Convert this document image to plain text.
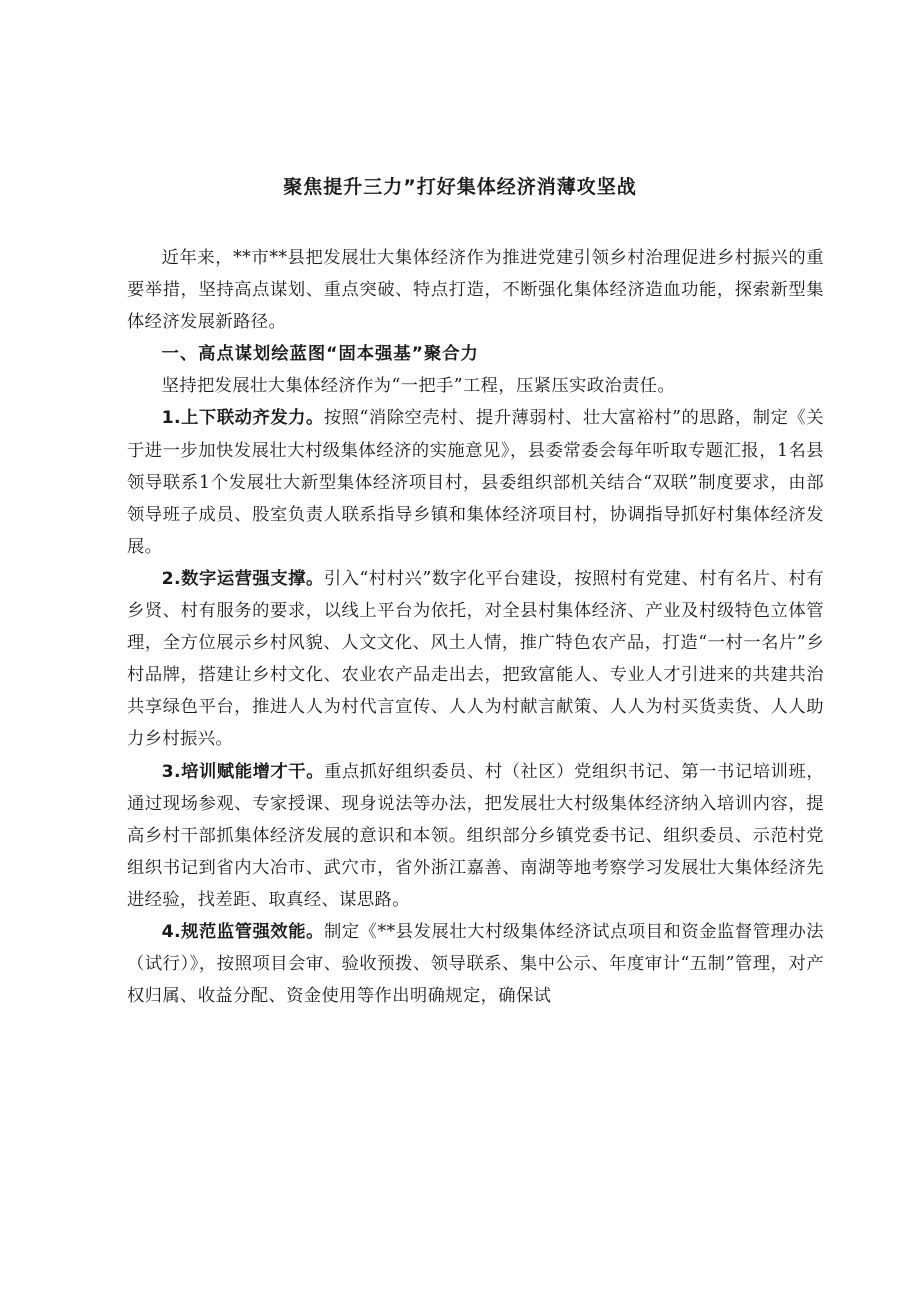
聚焦提升三力”打好集体经济消薄攻坚战

近年来，**市**县把发展壮大集体经济作为推进党建引领乡村治理促进乡村振兴的重要举措，坚持高点谋划、重点突破、特点打造，不断强化集体经济造血功能，探索新型集体经济发展新路径。

一、高点谋划绘蓝图“固本强基”聚合力

坚持把发展壮大集体经济作为“一把手”工程，压紧压实政治责任。

1.上下联动齐发力。按照“消除空壳村、提升薄弱村、壮大富裕村”的思路，制定《关于进一步加快发展壮大村级集体经济的实施意见》，县委常委会每年听取专题汇报，1名县领导联系1个发展壮大新型集体经济项目村，县委组织部机关结合“双联”制度要求，由部领导班子成员、股室负责人联系指导乡镇和集体经济项目村，协调指导抓好村集体经济发展。

2.数字运营强支撑。引入“村村兴”数字化平台建设，按照村有党建、村有名片、村有乡贤、村有服务的要求，以线上平台为依托，对全县村集体经济、产业及村级特色立体管理，全方位展示乡村风貌、人文文化、风土人情，推广特色农产品，打造“一村一名片”乡村品牌，搭建让乡村文化、农业农产品走出去，把致富能人、专业人才引进来的共建共治共享绿色平台，推进人人为村代言宣传、人人为村献言献策、人人为村买货卖货、人人助力乡村振兴。

3.培训赋能增才干。重点抓好组织委员、村（社区）党组织书记、第一书记培训班，通过现场参观、专家授课、现身说法等办法，把发展壮大村级集体经济纳入培训内容，提高乡村干部抓集体经济发展的意识和本领。组织部分乡镇党委书记、组织委员、示范村党组织书记到省内大冶市、武穴市，省外浙江嘉善、南湖等地考察学习发展壮大集体经济先进经验，找差距、取真经、谋思路。

4.规范监管强效能。制定《**县发展壮大村级集体经济试点项目和资金监督管理办法（试行）》，按照项目会审、验收预拨、领导联系、集中公示、年度审计“五制”管理，对产权归属、收益分配、资金使用等作出明确规定，确保试
